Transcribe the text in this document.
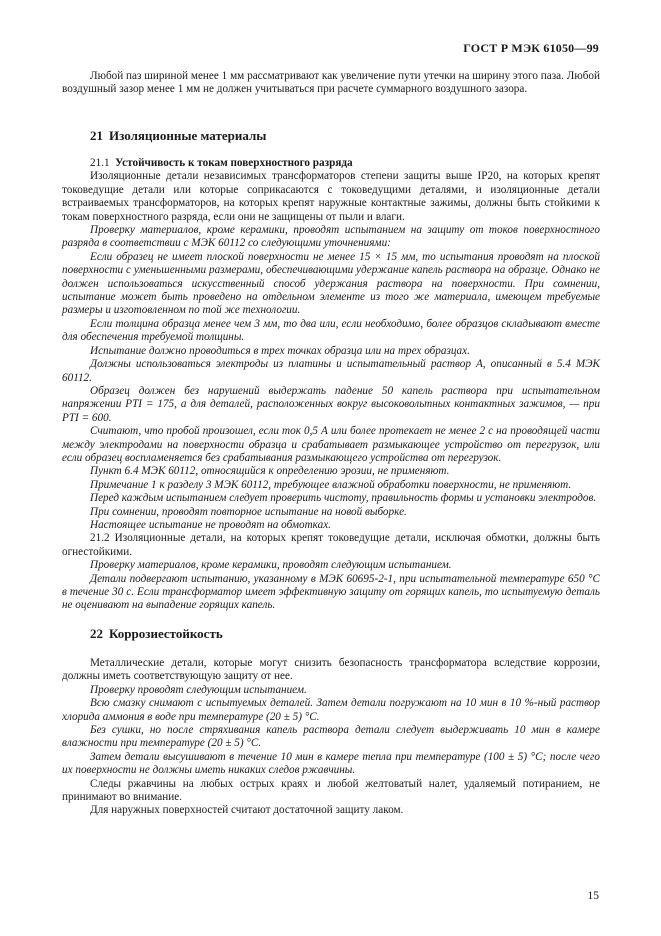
ГОСТ Р МЭК 61050—99

Любой паз шириной менее 1 мм рассматривают как увеличение пути утечки на ширину этого паза. Любой воздушный зазор менее 1 мм не должен учитываться при расчете суммарного воздушного зазора.

21 Изоляционные материалы

21.1 Устойчивость к токам поверхностного разряда

Изоляционные детали независимых трансформаторов степени защиты выше IP20, на которых крепят токоведущие детали или которые соприкасаются с токоведущими деталями, и изоляционные детали встраиваемых трансформаторов, на которых крепят наружные контактные зажимы, должны быть стойкими к токам поверхностного разряда, если они не защищены от пыли и влаги.

Проверку материалов, кроме керамики, проводят испытанием на защиту от токов поверхностного разряда в соответствии с МЭК 60112 со следующими уточнениями:

Если образец не имеет плоской поверхности не менее 15 × 15 мм, то испытания проводят на плоской поверхности с уменьшенными размерами, обеспечивающими удержание капель раствора на образце. Однако не должен использоваться искусственный способ удержания раствора на поверхности. При сомнении, испытание может быть проведено на отдельном элементе из того же материала, имеющем требуемые размеры и изготовленном по той же технологии.

Если толщина образца менее чем 3 мм, то два или, если необходимо, более образцов складывают вместе для обеспечения требуемой толщины.

Испытание должно проводиться в трех точках образца или на трех образцах.

Должны использоваться электроды из платины и испытательный раствор А, описанный в 5.4 МЭК 60112.

Образец должен без нарушений выдержать падение 50 капель раствора при испытательном напряжении PTI = 175, а для деталей, расположенных вокруг высоковольтных контактных зажимов, — при PTI = 600.

Считают, что пробой произошел, если ток 0,5 А или более протекает не менее 2 с на проводящей части между электродами на поверхности образца и срабатывает размыкающее устройство от перегрузок, или если образец воспламеняется без срабатывания размыкающего устройства от перегрузок.

Пункт 6.4 МЭК 60112, относящийся к определению эрозии, не применяют.

Примечание 1 к разделу 3 МЭК 60112, требующее влажной обработки поверхности, не применяют.

Перед каждым испытанием следует проверить чистоту, правильность формы и установки электродов.

При сомнении, проводят повторное испытание на новой выборке.

Настоящее испытание не проводят на обмотках.

21.2 Изоляционные детали, на которых крепят токоведущие детали, исключая обмотки, должны быть огнестойкими.

Проверку материалов, кроме керамики, проводят следующим испытанием.

Детали подвергают испытанию, указанному в МЭК 60695-2-1, при испытательной температуре 650 °С в течение 30 с. Если трансформатор имеет эффективную защиту от горящих капель, то испытуемую деталь не оценивают на выпадение горящих капель.

22 Коррозиестойкость

Металлические детали, которые могут снизить безопасность трансформатора вследствие коррозии, должны иметь соответствующую защиту от нее.

Проверку проводят следующим испытанием.

Всю смазку снимают с испытуемых деталей. Затем детали погружают на 10 мин в 10 %-ный раствор хлорида аммония в воде при температуре (20 ± 5) °С.

Без сушки, но после стряхивания капель раствора детали следует выдерживать 10 мин в камере влажности при температуре (20 ± 5) °С.

Затем детали высушивают в течение 10 мин в камере тепла при температуре (100 ± 5) °С; после чего их поверхности не должны иметь никаких следов ржавчины.

Следы ржавчины на любых острых краях и любой желтоватый налет, удаляемый потиранием, не принимают во внимание.

Для наружных поверхностей считают достаточной защиту лаком.

15
